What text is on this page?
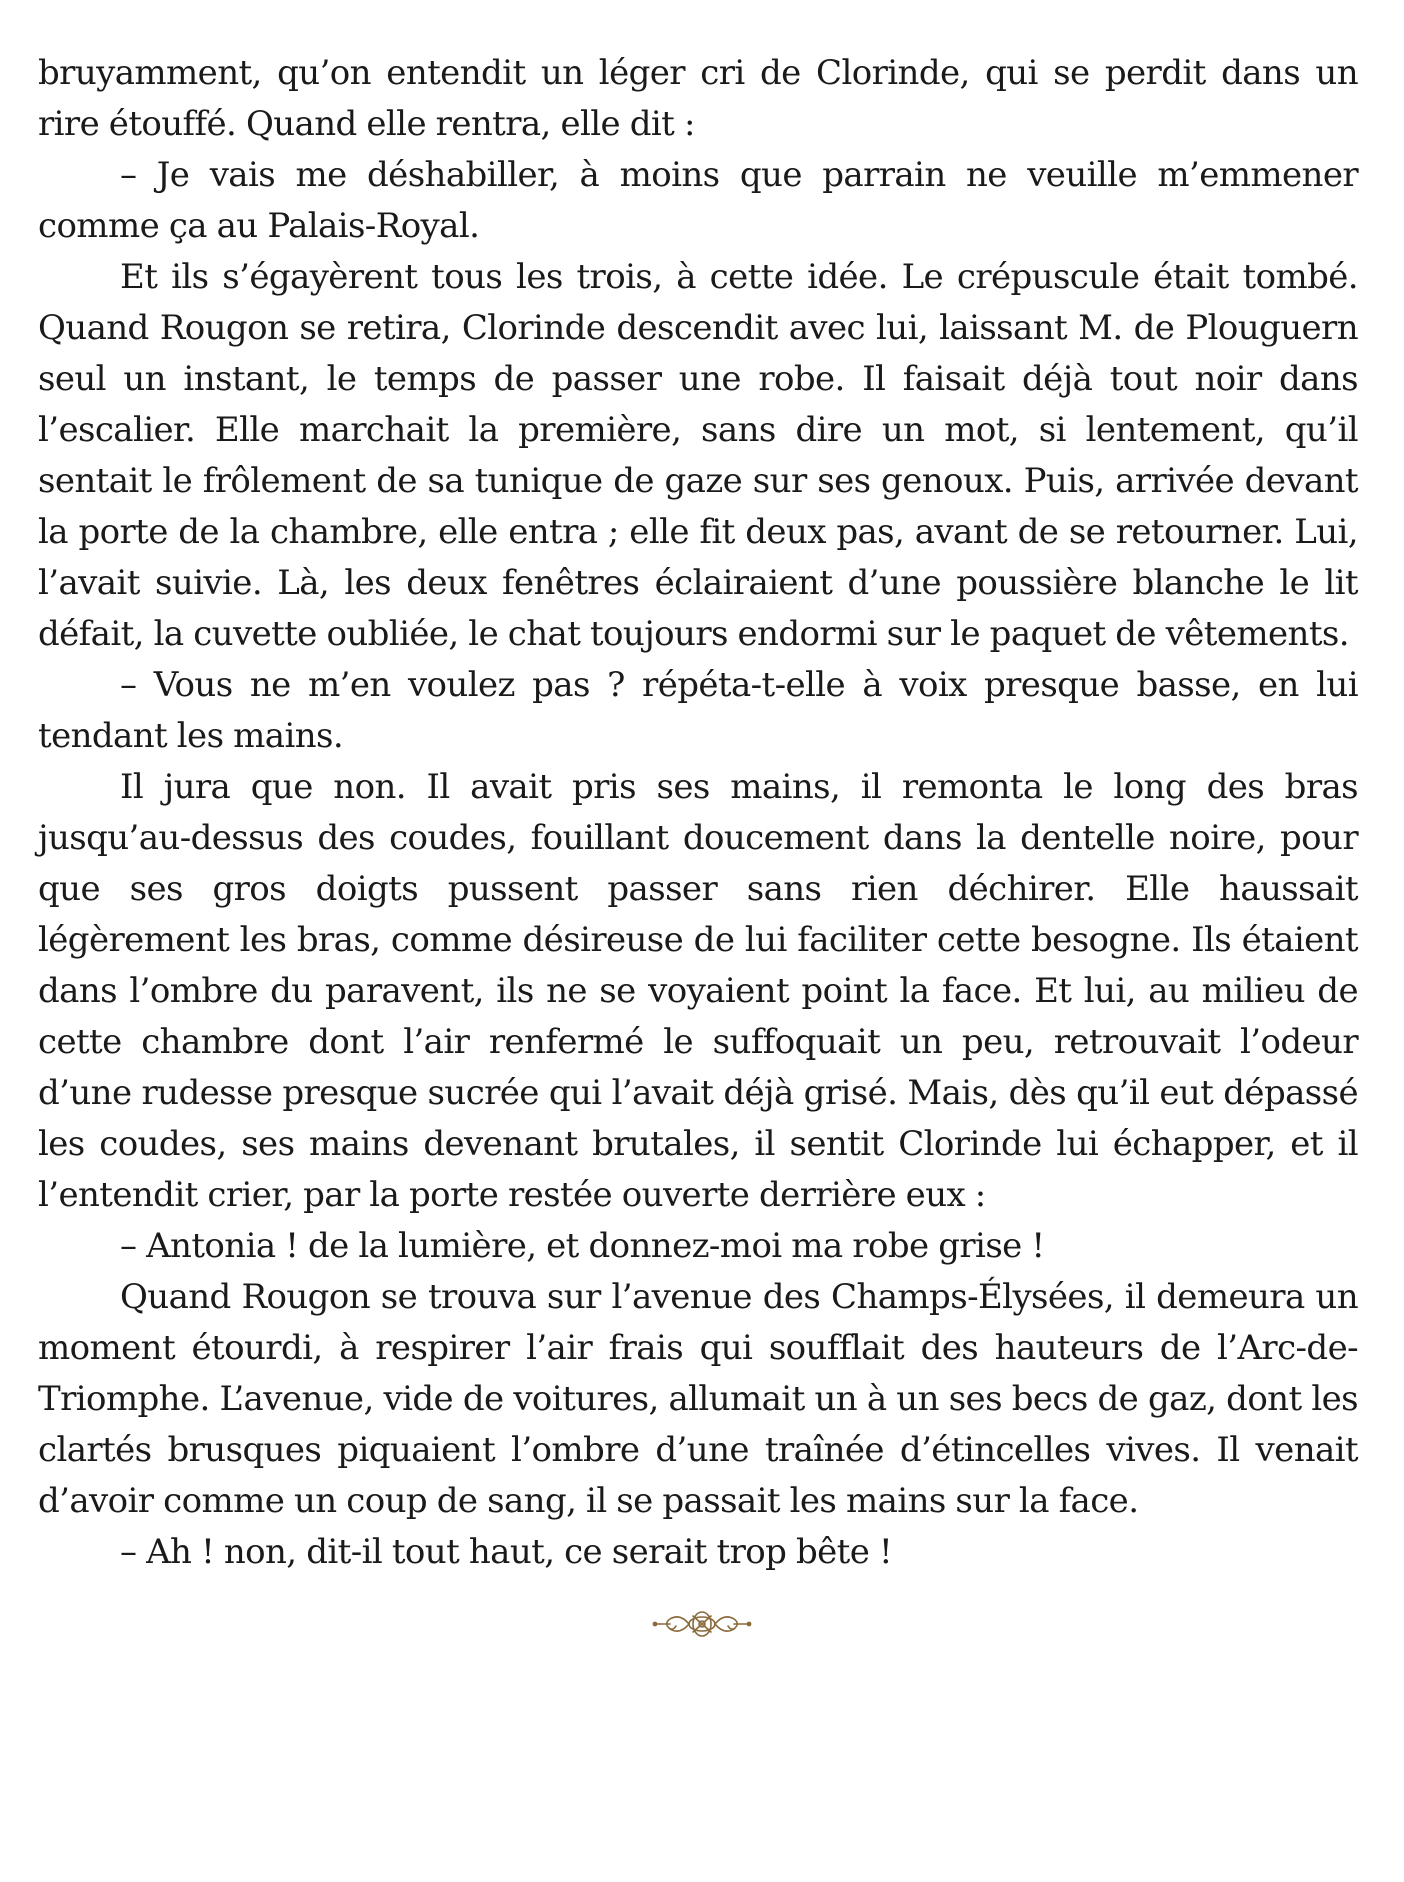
bruyamment, qu’on entendit un léger cri de Clorinde, qui se perdit dans un rire étouffé. Quand elle rentra, elle dit :

– Je vais me déshabiller, à moins que parrain ne veuille m’emmener comme ça au Palais-Royal.

Et ils s’égayèrent tous les trois, à cette idée. Le crépuscule était tombé. Quand Rougon se retira, Clorinde descendit avec lui, laissant M. de Plouguern seul un instant, le temps de passer une robe. Il faisait déjà tout noir dans l’escalier. Elle marchait la première, sans dire un mot, si lentement, qu’il sentait le frôlement de sa tunique de gaze sur ses genoux. Puis, arrivée devant la porte de la chambre, elle entra ; elle fit deux pas, avant de se retourner. Lui, l’avait suivie. Là, les deux fenêtres éclairaient d’une poussière blanche le lit défait, la cuvette oubliée, le chat toujours endormi sur le paquet de vêtements.

– Vous ne m’en voulez pas ? répéta-t-elle à voix presque basse, en lui tendant les mains.

Il jura que non. Il avait pris ses mains, il remonta le long des bras jusqu’au-dessus des coudes, fouillant doucement dans la dentelle noire, pour que ses gros doigts pussent passer sans rien déchirer. Elle haussait légèrement les bras, comme désireuse de lui faciliter cette besogne. Ils étaient dans l’ombre du paravent, ils ne se voyaient point la face. Et lui, au milieu de cette chambre dont l’air renfermé le suffoquait un peu, retrouvait l’odeur d’une rudesse presque sucrée qui l’avait déjà grisé. Mais, dès qu’il eut dépassé les coudes, ses mains devenant brutales, il sentit Clorinde lui échapper, et il l’entendit crier, par la porte restée ouverte derrière eux :

– Antonia ! de la lumière, et donnez-moi ma robe grise !

Quand Rougon se trouva sur l’avenue des Champs-Élysées, il demeura un moment étourdi, à respirer l’air frais qui soufflait des hauteurs de l’Arc-de-Triomphe. L’avenue, vide de voitures, allumait un à un ses becs de gaz, dont les clartés brusques piquaient l’ombre d’une traînée d’étincelles vives. Il venait d’avoir comme un coup de sang, il se passait les mains sur la face.

– Ah ! non, dit-il tout haut, ce serait trop bête !
